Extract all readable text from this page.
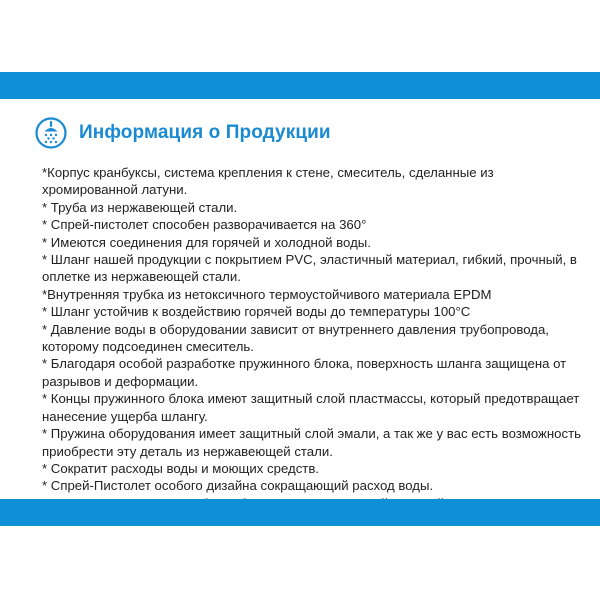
Информация о Продукции
*Корпус кранбуксы, система крепления к стене, смеситель, сделанные из хромированной латуни.
* Труба из нержавеющей стали.
* Спрей-пистолет способен разворачивается на 360°
* Имеются соединения для горячей и холодной воды.
* Шланг нашей продукции с покрытием PVC, эластичный материал, гибкий, прочный, в оплетке из нержавеющей стали.
*Внутренняя трубка из нетоксичного термоустойчивого материала EPDM
* Шланг устойчив к воздействию горячей воды до температуры 100°C
* Давление воды в оборудовании зависит от внутреннего давления трубопровода, которому подсоединен смеситель.
* Благодаря особой разработке пружинного блока, поверхность шланга защищена от разрывов и деформации.
* Концы пружинного блока имеют защитный слой пластмассы, который предотвращает нанесение ущерба шлангу.
* Пружина оборудования имеет защитный слой эмали, а так же у вас есть возможность приобрести эту деталь из нержавеющей стали.
* Сократит расходы воды и моющих средств.
* Спрей-Пистолет особого дизайна сокращающий расход воды.
